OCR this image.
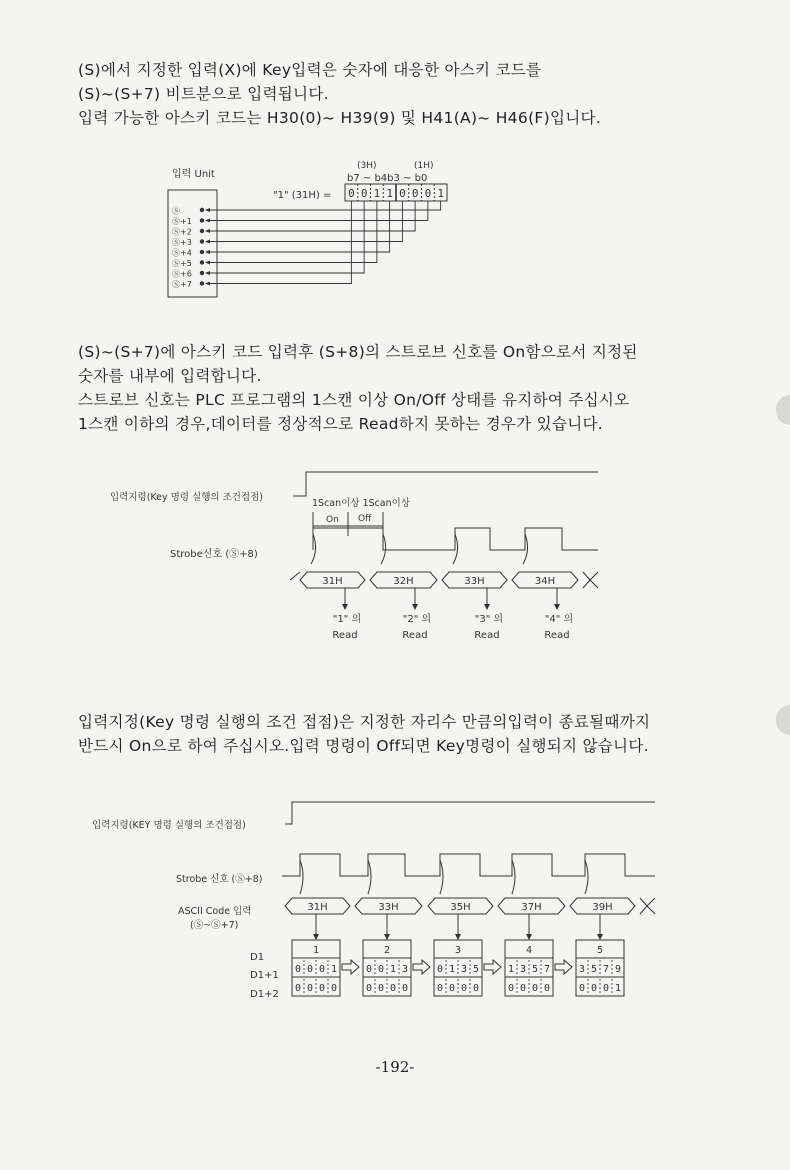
(S)에서 지정한 입력(X)에 Key입력은 숫자에 대응한 아스키 코드를
(S)~(S+7) 비트분으로 입력됩니다.
입력 가능한 아스키 코드는 H30(0)~ H39(9) 및 H41(A)~ H46(F)입니다.
입력 Unit
(3H)	(1H)
b7 ~ b4b3 ~ b0
"1" (31H) = 0 0 1 1 0 0 0 1
Ⓢ
Ⓢ+1
Ⓢ+2
Ⓢ+3
Ⓢ+4
Ⓢ+5
Ⓢ+6
Ⓢ+7
(S)~(S+7)에 아스키 코드 입력후 (S+8)의 스트로브 신호를 On함으로서 지정된
숫자를 내부에 입력합니다.
스트로브 신호는 PLC 프로그램의 1스캔 이상 On/Off 상태를 유지하여 주십시오
1스캔 이하의 경우,데이터를 정상적으로 Read하지 못하는 경우가 있습니다.
입력지령(Key 명령 실행의 조건접점)
1Scan이상 1Scan이상
On Off
Strobe신호 (Ⓢ+8)
31H
"1" 의
Read
32H
"2" 의
Read
33H
"3" 의
Read
34H
"4" 의
Read
입력지정(Key 명령 실행의 조건 접점)은 지정한 자리수 만큼의입력이 종료될때까지
반드시 On으로 하여 주십시오.입력 명령이 Off되면 Key명령이 실행되지 않습니다.
입력지령(KEY 명령 실행의 조건접점)
Strobe 신호 (Ⓢ+8)
ASCII Code 입력
(Ⓢ~Ⓢ+7)
D1
D1+1
D1+2
31H	33H	35H	37H	39H
1
0 0 0 1
0 0 0 0
2
0 0 1 3
0 0 0 0
3
0 1 3 5
0 0 0 0
4
1 3 5 7
0 0 0 0
5
3 5 7 9
0 0 0 1
-192-
